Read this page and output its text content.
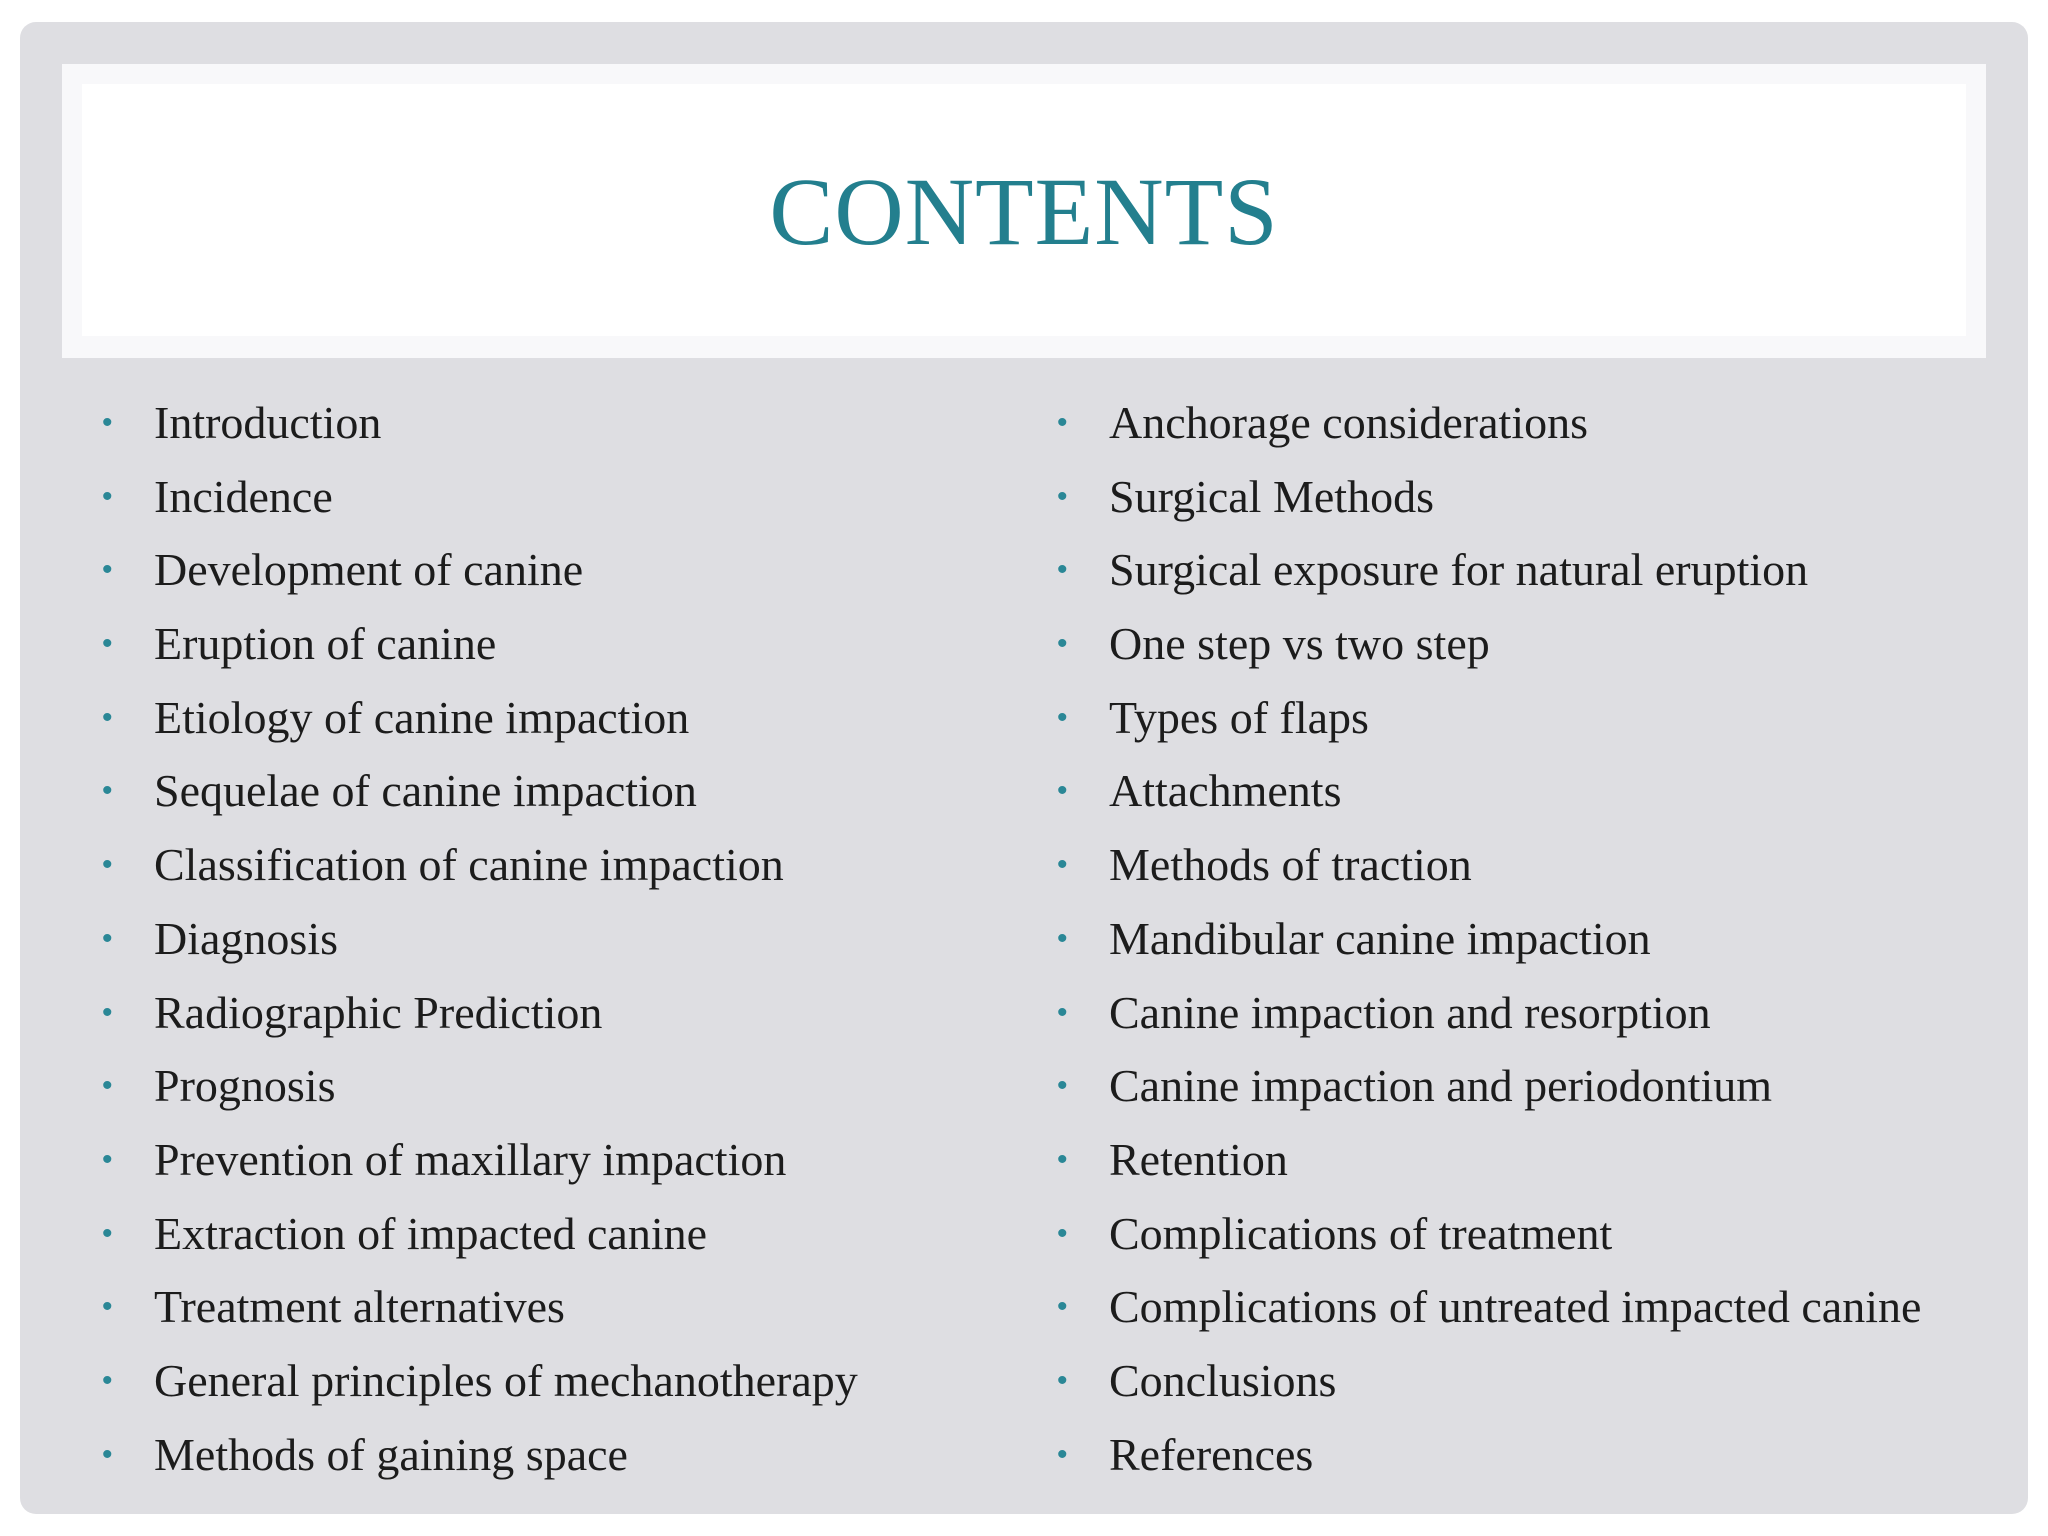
CONTENTS
• Introduction
• Incidence
• Development of canine
• Eruption of canine
• Etiology of canine impaction
• Sequelae of canine impaction
• Classification of canine impaction
• Diagnosis
• Radiographic Prediction
• Prognosis
• Prevention of maxillary impaction
• Extraction of impacted canine
• Treatment alternatives
• General principles of mechanotherapy
• Methods of gaining space
• Anchorage considerations
• Surgical Methods
• Surgical exposure for natural eruption
• One step vs two step
• Types of flaps
• Attachments
• Methods of traction
• Mandibular canine impaction
• Canine impaction and resorption
• Canine impaction and periodontium
• Retention
• Complications of treatment
• Complications of untreated impacted canine
• Conclusions
• References
